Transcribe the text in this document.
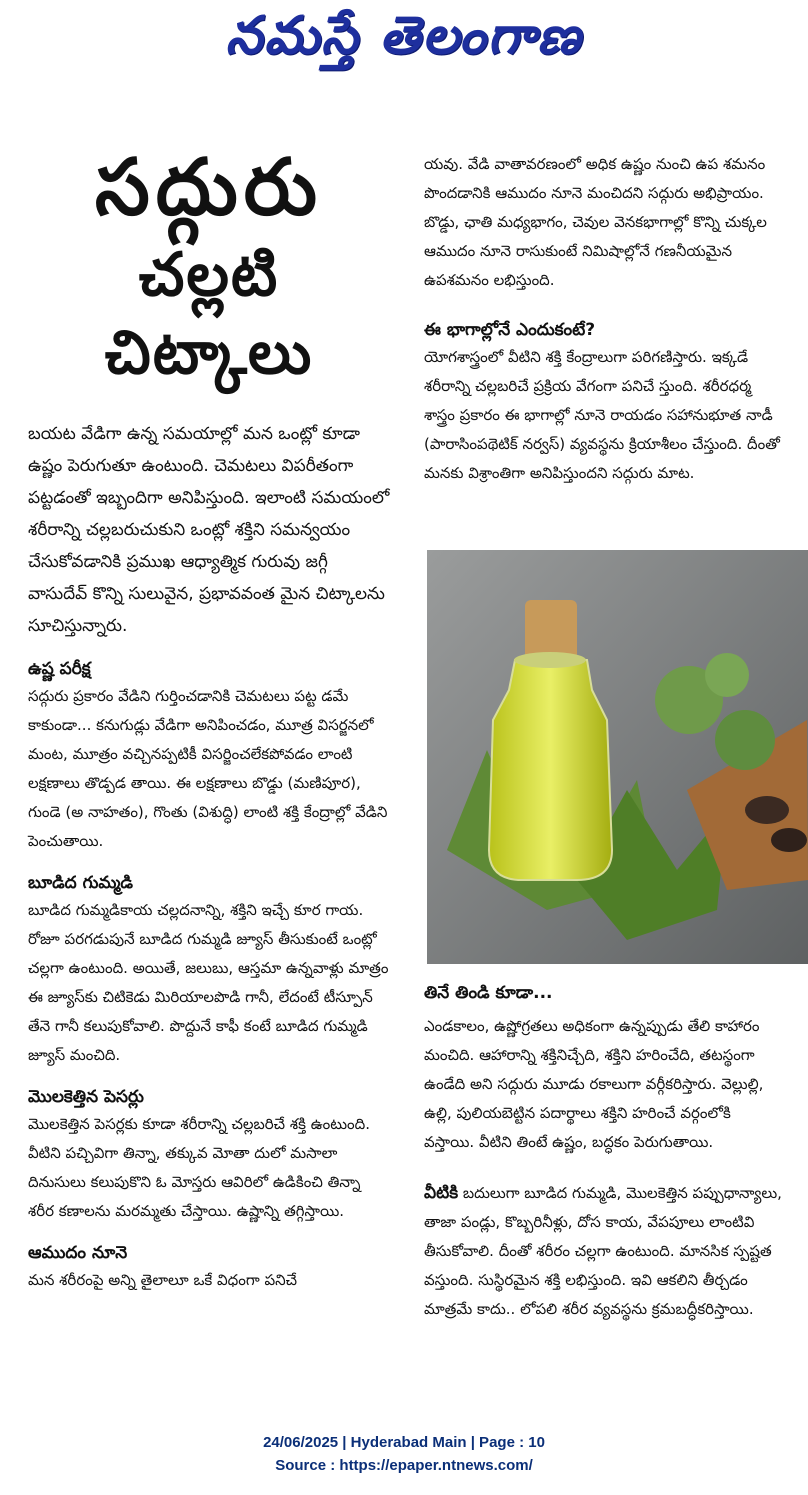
నమస్తే తెలంగాణ

సద్గురు

చల్లటి చిట్కాలు

బయట వేడిగా ఉన్న సమయాల్లో మన ఒంట్లో కూడా ఉష్ణం పెరుగుతూ ఉంటుంది. చెమటలు విపరీతంగా పట్టడంతో ఇబ్బందిగా అనిపిస్తుంది. ఇలాంటి సమయంలో శరీరాన్ని చల్లబరుచుకుని ఒంట్లో శక్తిని సమన్వయం చేసుకోవడానికి ప్రముఖ ఆధ్యాత్మిక గురువు జగ్గీ వాసుదేవ్ కొన్ని సులువైన, ప్రభావవంత మైన చిట్కాలను సూచిస్తున్నారు.

ఉష్ణ పరీక్ష

సద్గురు ప్రకారం వేడిని గుర్తించడానికి చెమటలు పట్ట డమే కాకుండా... కనుగుడ్లు వేడిగా అనిపించడం, మూత్ర విసర్జనలో మంట, మూత్రం వచ్చినప్పటికీ విసర్జించలేకపోవడం లాంటి లక్షణాలు తొడ్పడ తాయి. ఈ లక్షణాలు బొడ్డు (మణిపూర), గుండె (అ నాహతం), గొంతు (విశుద్ధి) లాంటి శక్తి కేంద్రాల్లో వేడిని పెంచుతాయి.

బూడిద గుమ్మడి

బూడిద గుమ్మడికాయ చల్లదనాన్ని, శక్తిని ఇచ్చే కూర గాయ. రోజూ పరగడుపునే బూడిద గుమ్మడి జ్యూస్ తీసుకుంటే ఒంట్లో చల్లగా ఉంటుంది. అయితే, జలుబు, ఆస్తమా ఉన్నవాళ్లు మాత్రం ఈ జ్యూస్‌కు చిటికెడు మిరియాలపొడి గానీ, లేదంటే టీస్పూన్ తేనె గానీ కలుపుకోవాలి. పొద్దునే కాఫీ కంటే బూడిద గుమ్మడి జ్యూస్ మంచిది.

మొలకెత్తిన పెసర్లు

మొలకెత్తిన పెసర్లకు కూడా శరీరాన్ని చల్లబరిచే శక్తి ఉంటుంది. వీటిని పచ్చివిగా తిన్నా, తక్కువ మోతా దులో మసాలా దినుసులు కలుపుకొని ఓ మోస్తరు ఆవిరిలో ఉడికించి తిన్నా శరీర కణాలను మరమ్మతు చేస్తాయి. ఉష్ణాన్ని తగ్గిస్తాయి.

ఆముదం నూనె

మన శరీరంపై అన్ని తైలాలూ ఒకే విధంగా పనిచే

యవు. వేడి వాతావరణంలో అధిక ఉష్ణం నుంచి ఉప శమనం పొందడానికి ఆముదం నూనె మంచిదని సద్గురు అభిప్రాయం. బొడ్డు, ఛాతి మధ్యభాగం, చెవుల వెనకభాగాల్లో కొన్ని చుక్కల ఆముదం నూనె రాసుకుంటే నిమిషాల్లోనే గణనీయమైన ఉపశమనం లభిస్తుంది.

ఈ భాగాల్లోనే ఎందుకంటే?

యోగశాస్త్రంలో వీటిని శక్తి కేంద్రాలుగా పరిగణిస్తారు. ఇక్కడే శరీరాన్ని చల్లబరిచే ప్రక్రియ వేగంగా పనిచే స్తుంది. శరీరధర్మ శాస్త్రం ప్రకారం ఈ భాగాల్లో నూనె రాయడం సహానుభూత నాడీ (పారాసింపథెటిక్ నర్వస్) వ్యవస్థను క్రియాశీలం చేస్తుంది. దీంతో మనకు విశ్రాంతిగా అనిపిస్తుందని సద్గురు మాట.

తినే తిండి కూడా...

ఎండకాలం, ఉష్ణోగ్రతలు అధికంగా ఉన్నప్పుడు తేలి కాహారం మంచిది. ఆహారాన్ని శక్తినిచ్చేది, శక్తిని హరించేది, తటస్థంగా ఉండేది అని సద్గురు మూడు రకాలుగా వర్గీకరిస్తారు. వెల్లుల్లి, ఉల్లి, పులియబెట్టిన పదార్థాలు శక్తిని హరించే వర్గంలోకి వస్తాయి. వీటిని తింటే ఉష్ణం, బద్ధకం పెరుగుతాయి.

వీటికి బదులుగా బూడిద గుమ్మడి, మొలకెత్తిన పప్పుధాన్యాలు, తాజా పండ్లు, కొబ్బరినీళ్లు, దోస కాయ, వేపపూలు లాంటివి తీసుకోవాలి. దీంతో శరీరం చల్లగా ఉంటుంది. మానసిక స్పష్టత వస్తుంది. సుస్థిరమైన శక్తి లభిస్తుంది. ఇవి ఆకలిని తీర్చడం మాత్రమే కాదు.. లోపలి శరీర వ్యవస్థను క్రమబద్ధీకరిస్తాయి.

24/06/2025 | Hyderabad Main | Page : 10
Source : https://epaper.ntnews.com/
